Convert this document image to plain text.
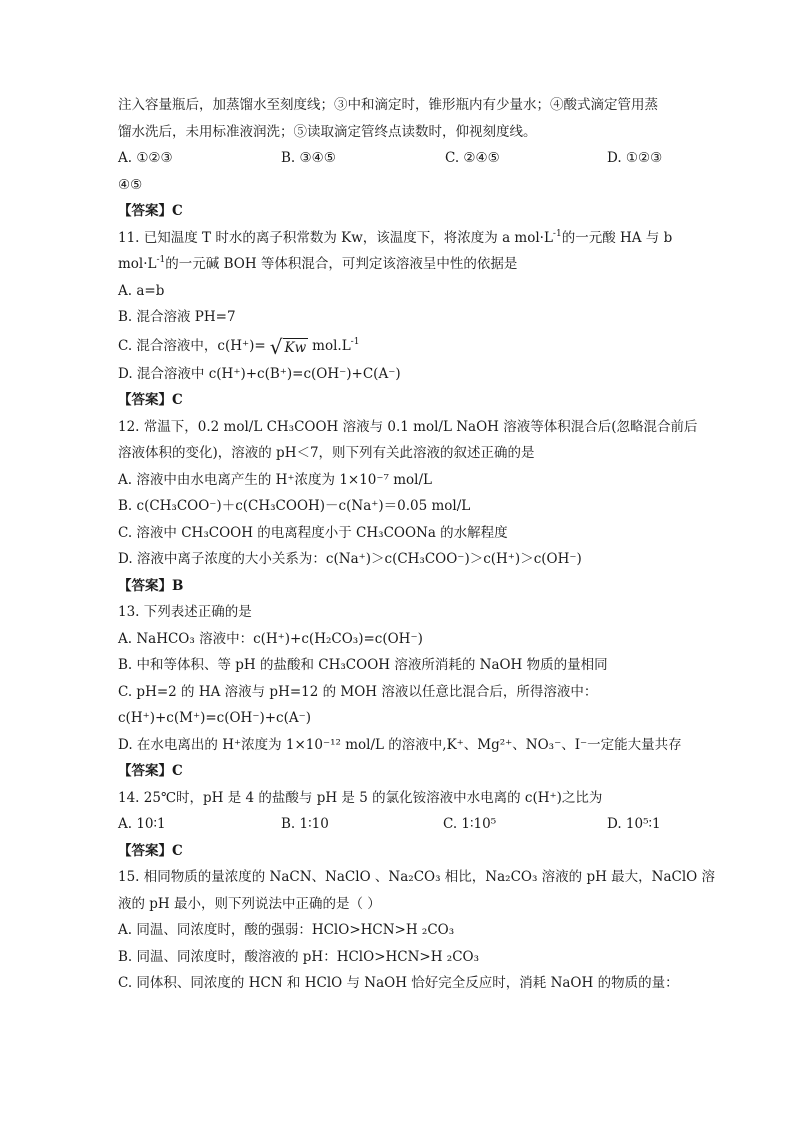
注入容量瓶后，加蒸馏水至刻度线；③中和滴定时，锥形瓶内有少量水；④酸式滴定管用蒸
馏水洗后，未用标准液润洗；⑤读取滴定管终点读数时，仰视刻度线。
A. ①②③	B. ③④⑤	C. ②④⑤	D. ①②③
④⑤
【答案】C
11. 已知温度 T 时水的离子积常数为 Kw，该温度下，将浓度为 a $mol\cdot L^{-1}$的一元酸 HA 与 b
$mol\cdot L^{-1}$的一元碱 BOH 等体积混合，可判定该溶液呈中性的依据是
A. a=b
B. 混合溶液 PH=7
C. 混合溶液中，c(H⁺)= √ Kw $mol.L^{-1}$
D. 混合溶液中 c(H⁺)+c(B⁺)=c(OH⁻)+C(A⁻)
【答案】C
12. 常温下，0.2 mol/L CH₃COOH 溶液与 0.1 mol/L NaOH 溶液等体积混合后(忽略混合前后
溶液体积的变化)，溶液的 pH＜7，则下列有关此溶液的叙述正确的是
A. 溶液中由水电离产生的 H⁺浓度为 1×10⁻⁷ mol/L
B. c(CH₃COO⁻)＋c(CH₃COOH)－c(Na⁺)＝0.05 mol/L
C. 溶液中 CH₃COOH 的电离程度小于 CH₃COONa 的水解程度
D. 溶液中离子浓度的大小关系为：c(Na⁺)＞c(CH₃COO⁻)＞c(H⁺)＞c(OH⁻)
【答案】B
13. 下列表述正确的是
A. NaHCO₃ 溶液中：c(H⁺)+c(H₂CO₃)=c(OH⁻)
B. 中和等体积、等 pH 的盐酸和 CH₃COOH 溶液所消耗的 NaOH 物质的量相同
C. pH=2 的 HA 溶液与 pH=12 的 MOH 溶液以任意比混合后，所得溶液中：
c(H⁺)+c(M⁺)=c(OH⁻)+c(A⁻)
D. 在水电离出的 H⁺浓度为 1×10⁻¹² mol/L 的溶液中,K⁺、Mg²⁺、NO₃⁻、I⁻一定能大量共存
【答案】C
14. 25℃时，pH 是 4 的盐酸与 pH 是 5 的氯化铵溶液中水电离的 c(H⁺)之比为
A. 10∶1	B. 1∶10	C. 1∶10⁵	D. 10⁵∶1
【答案】C
15. 相同物质的量浓度的 NaCN、NaClO 、Na₂CO₃ 相比，Na₂CO₃ 溶液的 pH 最大，NaClO 溶
液的 pH 最小，则下列说法中正确的是（ ）
A. 同温、同浓度时，酸的强弱：HClO>HCN>H ₂CO₃
B. 同温、同浓度时，酸溶液的 pH：HClO>HCN>H ₂CO₃
C. 同体积、同浓度的 HCN 和 HClO 与 NaOH 恰好完全反应时，消耗 NaOH 的物质的量：
